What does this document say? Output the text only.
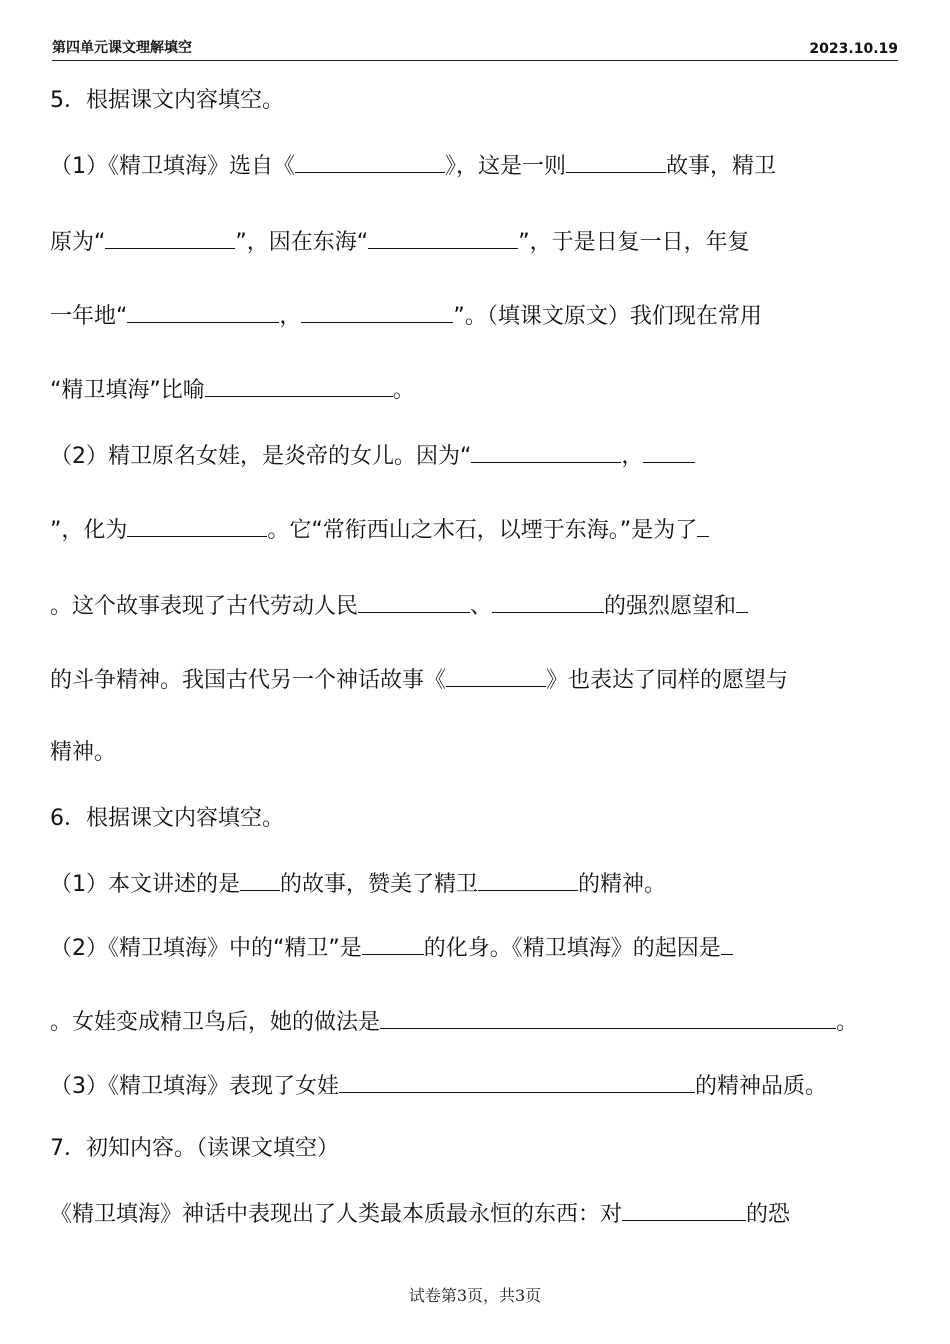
第四单元课文理解填空	2023.10.19
5．根据课文内容填空。
（1）《精卫填海》选自《	》，这是一则	故事，精卫
原为“	”，因在东海“	”，于是日复一日，年复
一年地“	，	”。（填课文原文）我们现在常用
“精卫填海”比喻	。
（2）精卫原名女娃，是炎帝的女儿。因为“	，
”，化为	。它“常衔西山之木石，以堙于东海。”是为了
。这个故事表现了古代劳动人民	、	的强烈愿望和
的斗争精神。我国古代另一个神话故事《	》也表达了同样的愿望与
精神。
6．根据课文内容填空。
（1）本文讲述的是 的故事，赞美了精卫	的精神。
（2）《精卫填海》中的“精卫”是	的化身。《精卫填海》的起因是
。女娃变成精卫鸟后，她的做法是	。
（3）《精卫填海》表现了女娃	的精神品质。
7．初知内容。（读课文填空）
《精卫填海》神话中表现出了人类最本质最永恒的东西：对	的恐
试卷第3页，共3页
